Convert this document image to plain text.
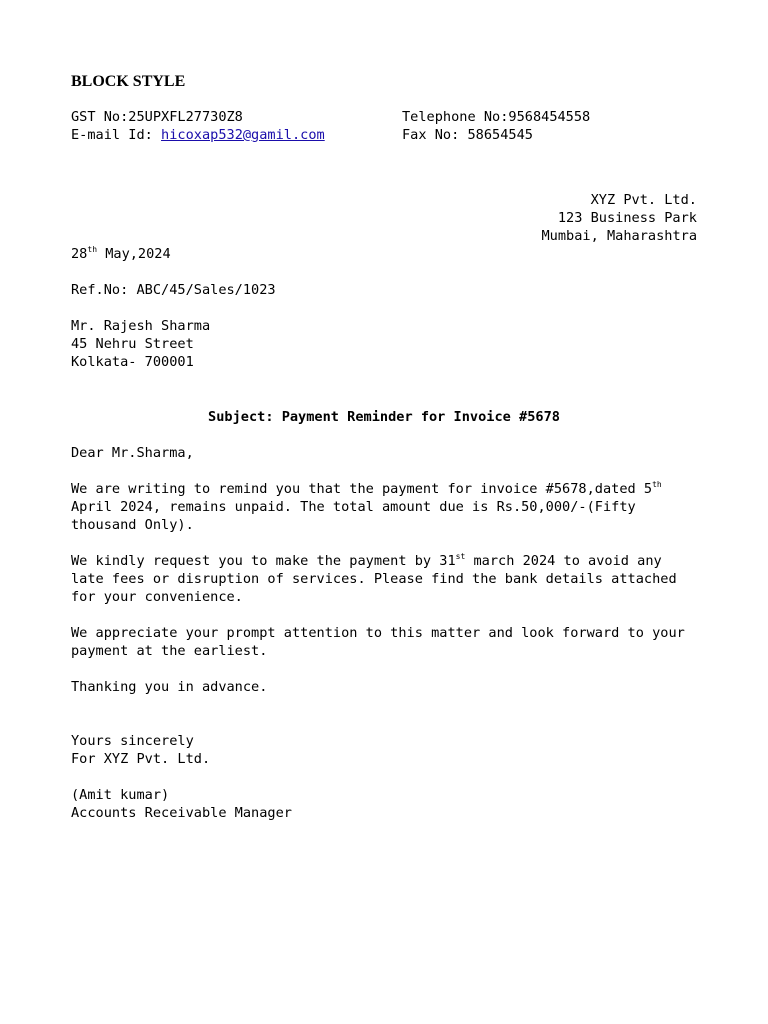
BLOCK STYLE
GST No:25UPXFL27730Z8	Telephone No:9568454558
E-mail Id: hicoxap532@gamil.com	Fax No: 58654545
XYZ Pvt. Ltd.
123 Business Park
Mumbai, Maharashtra
28th May,2024
Ref.No: ABC/45/Sales/1023
Mr. Rajesh Sharma
45 Nehru Street
Kolkata- 700001
Subject: Payment Reminder for Invoice #5678
Dear Mr.Sharma,
We are writing to remind you that the payment for invoice #5678,dated 5th April 2024, remains unpaid. The total amount due is Rs.50,000/-(Fifty thousand Only).
We kindly request you to make the payment by 31st march 2024 to avoid any late fees or disruption of services. Please find the bank details attached for your convenience.
We appreciate your prompt attention to this matter and look forward to your payment at the earliest.
Thanking you in advance.
Yours sincerely
For XYZ Pvt. Ltd.
(Amit kumar)
Accounts Receivable Manager
